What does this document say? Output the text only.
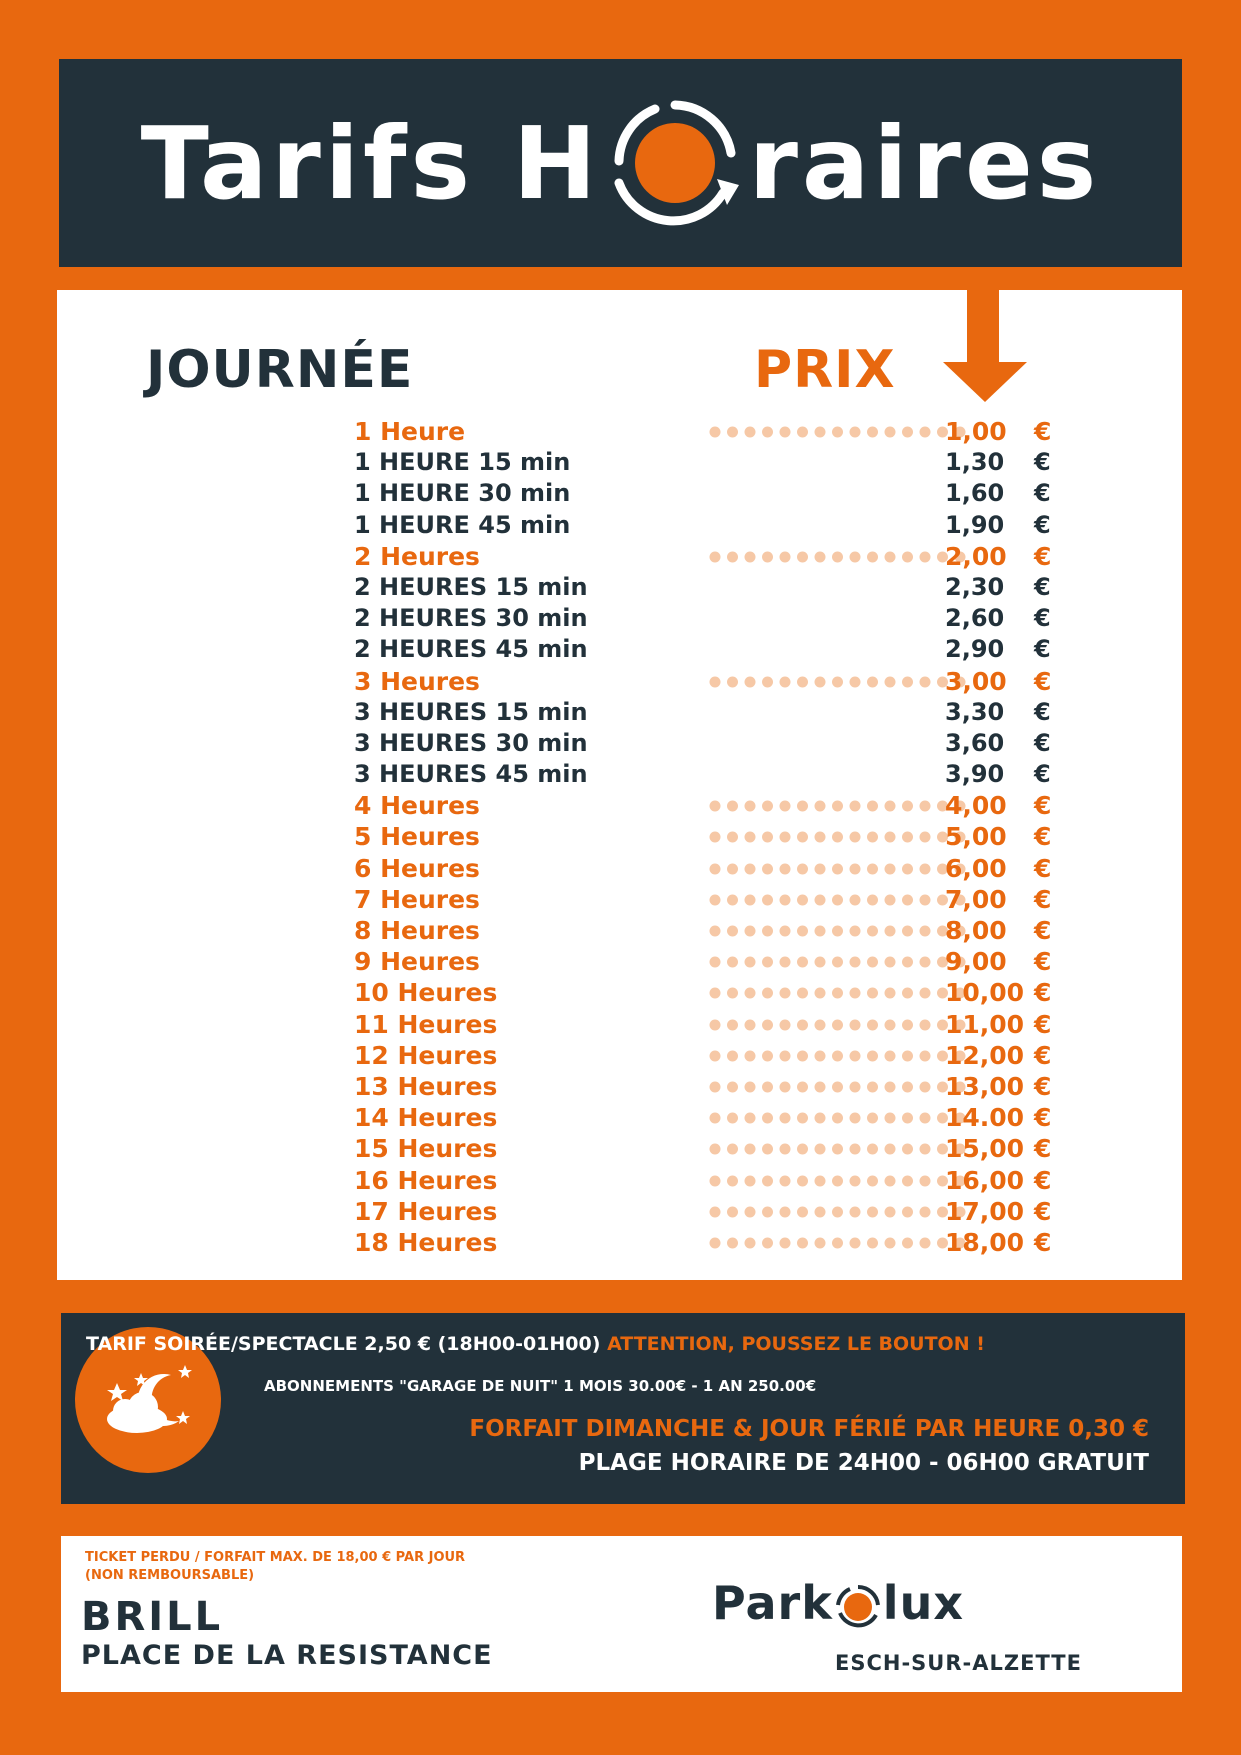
Tarifs H raires
JOURNÉE	PRIX
1 Heure	1,00	€
1 HEURE 15 min	1,30	€
1 HEURE 30 min	1,60	€
1 HEURE 45 min	1,90	€
2 Heures	2,00	€
2 HEURES 15 min	2,30	€
2 HEURES 30 min	2,60	€
2 HEURES 45 min	2,90	€
3 Heures	3,00	€
3 HEURES 15 min	3,30	€
3 HEURES 30 min	3,60	€
3 HEURES 45 min	3,90	€
4 Heures	4,00	€
5 Heures	5,00	€
6 Heures	6,00	€
7 Heures	7,00	€
8 Heures	8,00	€
9 Heures	9,00	€
10 Heures	10,00 €
11 Heures	11,00 €
12 Heures	12,00 €
13 Heures	13,00 €
14 Heures	14.00 €
15 Heures	15,00 €
16 Heures	16,00 €
17 Heures	17,00 €
18 Heures	18,00 €
TARIF SOIRÉE/SPECTACLE 2,50 € (18H00-01H00) ATTENTION, POUSSEZ LE BOUTON !
ABONNEMENTS "GARAGE DE NUIT" 1 MOIS 30.00€ - 1 AN 250.00€
FORFAIT DIMANCHE & JOUR FÉRIÉ PAR HEURE 0,30 €
PLAGE HORAIRE DE 24H00 - 06H00 GRATUIT
TICKET PERDU / FORFAIT MAX. DE 18,00 € PAR JOUR
(NON REMBOURSABLE)
BRILL
PLACE DE LA RESISTANCE
Park lux
ESCH-SUR-ALZETTE
